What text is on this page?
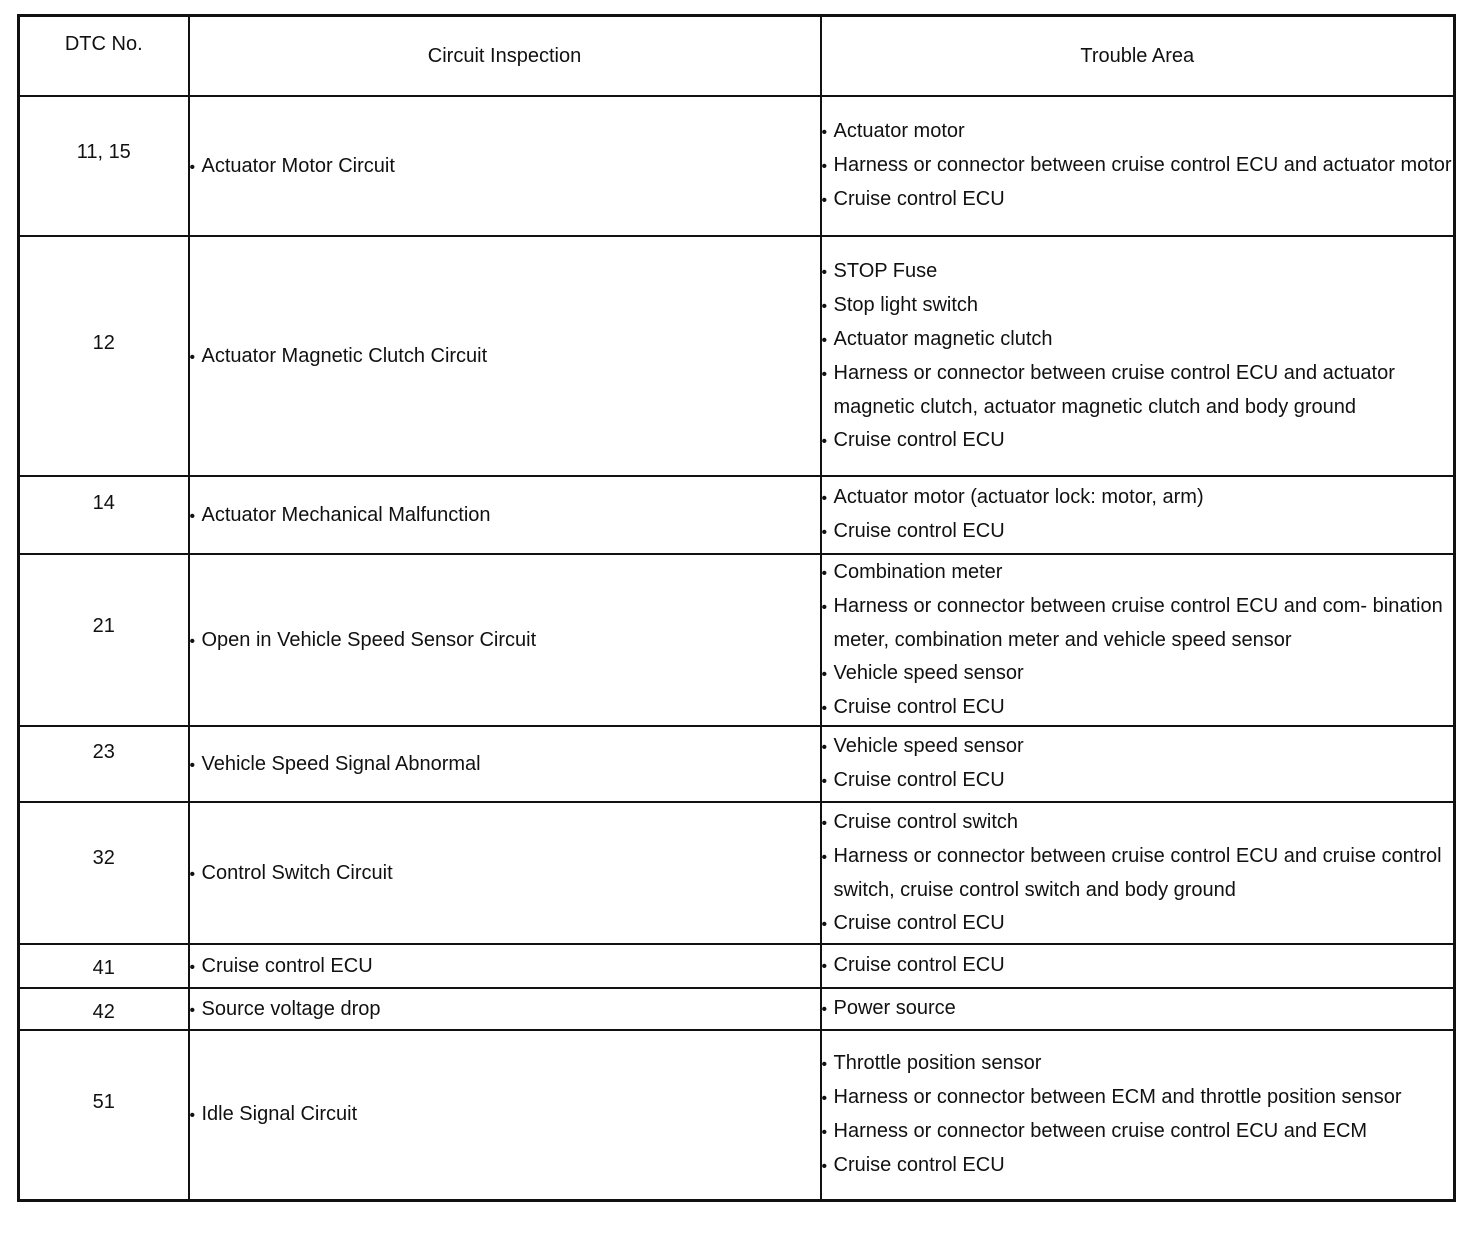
DTC No.	Circuit Inspection	Trouble Area

11, 15	• Actuator Motor Circuit	• Actuator motor
• Harness or connector between cruise control ECU and actuator motor
• Cruise control ECU

12	• Actuator Magnetic Clutch Circuit	• STOP Fuse
• Stop light switch
• Actuator magnetic clutch
• Harness or connector between cruise control ECU and actuator magnetic clutch, actuator magnetic clutch and body ground
• Cruise control ECU

14	• Actuator Mechanical Malfunction	• Actuator motor (actuator lock: motor, arm)
• Cruise control ECU

21	• Open in Vehicle Speed Sensor Circuit	• Combination meter
• Harness or connector between cruise control ECU and com- bination meter, combination meter and vehicle speed sensor
• Vehicle speed sensor
• Cruise control ECU

23	• Vehicle Speed Signal Abnormal	• Vehicle speed sensor
• Cruise control ECU

32	• Control Switch Circuit	• Cruise control switch
• Harness or connector between cruise control ECU and cruise control switch, cruise control switch and body ground
• Cruise control ECU

41	• Cruise control ECU	• Cruise control ECU

42	• Source voltage drop	• Power source

51	• Idle Signal Circuit	• Throttle position sensor
• Harness or connector between ECM and throttle position sensor
• Harness or connector between cruise control ECU and ECM
• Cruise control ECU
